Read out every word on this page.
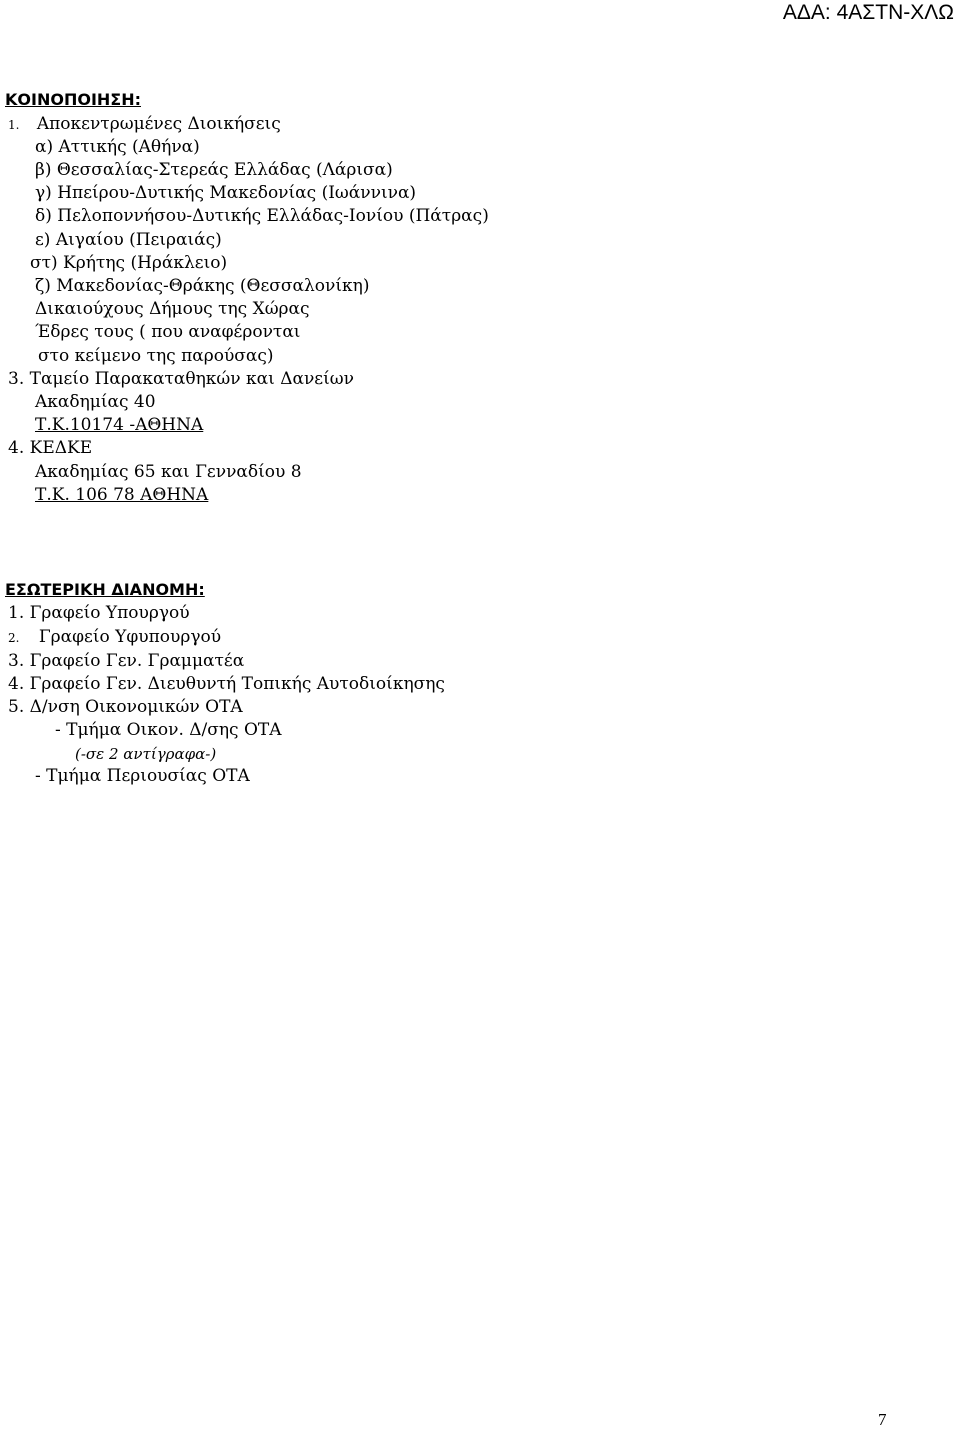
ΑΔΑ: 4ΑΣΤΝ-ΧΛΩ
ΚΟΙΝΟΠΟΙΗΣΗ:
1. Αποκεντρωμένες Διοικήσεις
α) Αττικής (Αθήνα)
β) Θεσσαλίας-Στερεάς Ελλάδας (Λάρισα)
γ) Ηπείρου-Δυτικής Μακεδονίας (Ιωάννινα)
δ) Πελοποννήσου-Δυτικής Ελλάδας-Ιονίου (Πάτρας)
ε) Αιγαίου (Πειραιάς)
στ) Κρήτης (Ηράκλειο)
ζ) Μακεδονίας-Θράκης (Θεσσαλονίκη)
Δικαιούχους Δήμους της Χώρας
Έδρες τους ( που αναφέρονται
στο κείμενο της παρούσας)
3. Ταμείο Παρακαταθηκών και Δανείων
Ακαδημίας 40
Τ.Κ.10174 -ΑΘΗΝΑ
4. ΚΕΔΚΕ
Ακαδημίας 65 και Γενναδίου 8
Τ.Κ. 106 78 ΑΘΗΝΑ
ΕΣΩΤΕΡΙΚΗ ΔΙΑΝΟΜΗ:
1. Γραφείο Υπουργού
2. Γραφείο Υφυπουργού
3. Γραφείο Γεν. Γραμματέα
4. Γραφείο Γεν. Διευθυντή Τοπικής Αυτοδιοίκησης
5. Δ/νση Οικονομικών ΟΤΑ
- Τμήμα Οικον. Δ/σης ΟΤΑ
(-σε 2 αντίγραφα-)
- Τμήμα Περιουσίας ΟΤΑ
7
